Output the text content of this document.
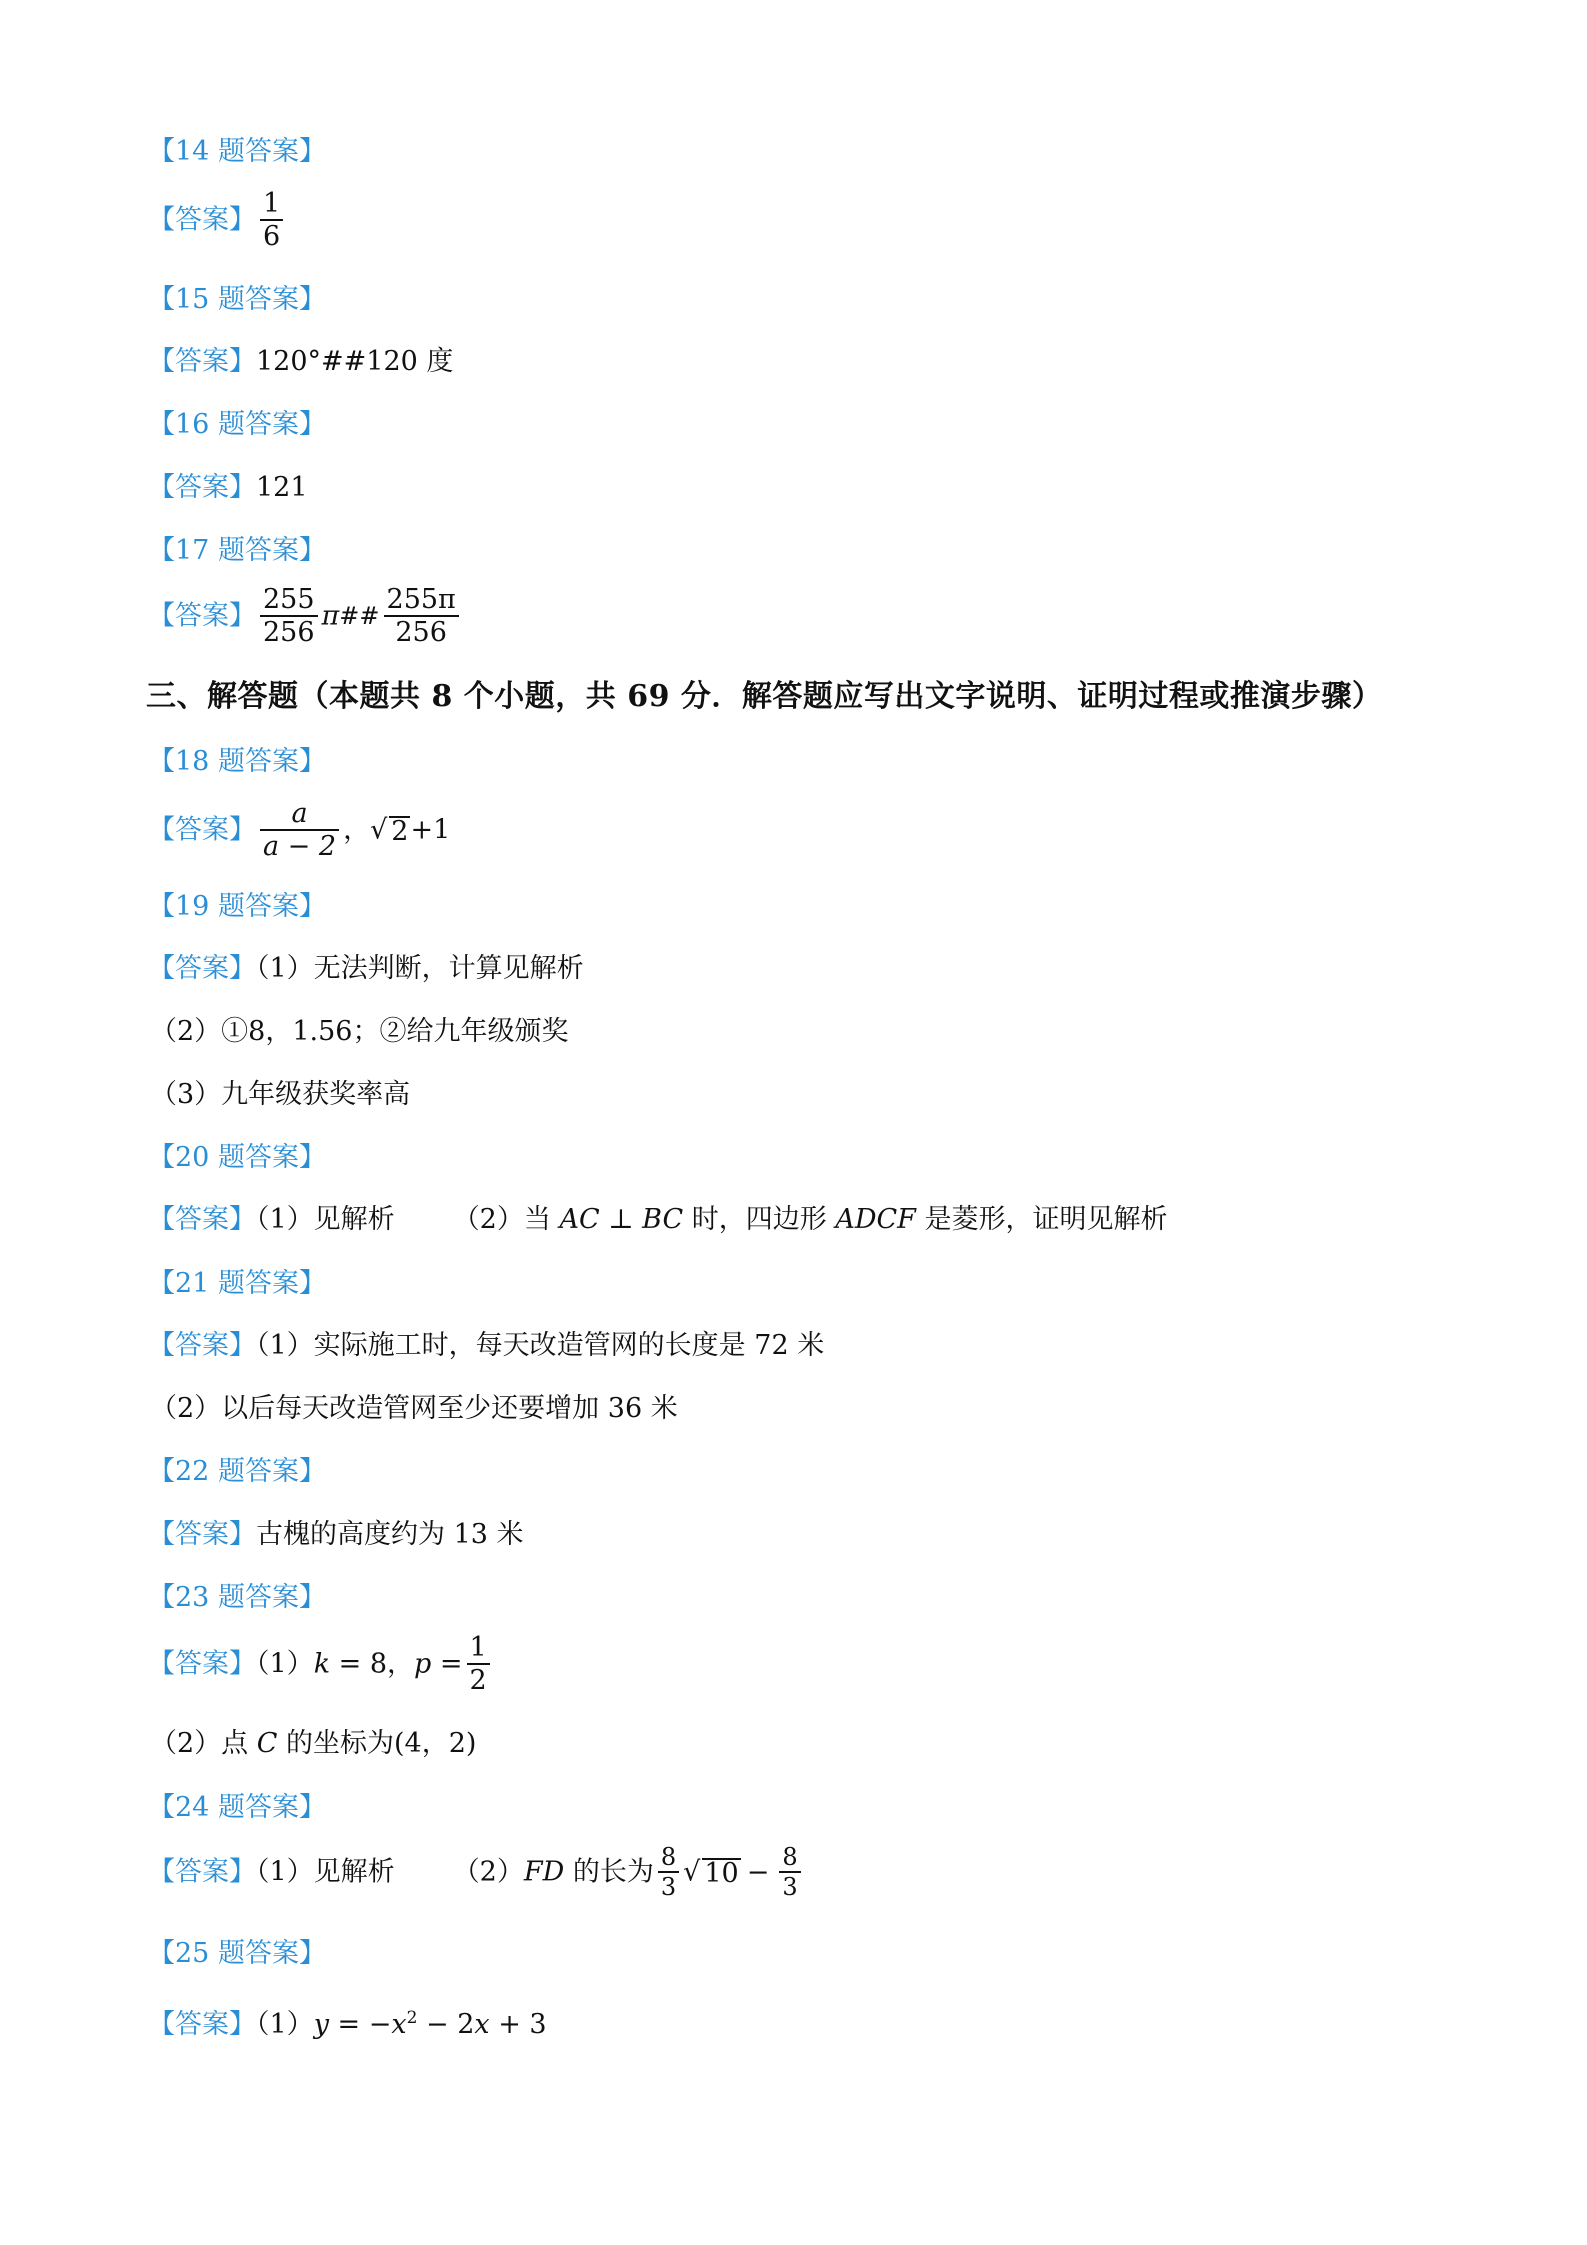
【14 题答案】
【答案】 $\frac{1}{6}$
【15 题答案】
【答案】120°##120 度
【16 题答案】
【答案】121
【17 题答案】
【答案】 $\frac{255}{256}$ π## $\frac{255\pi}{256}$
三、解答题（本题共 8 个小题，共 69 分．解答题应写出文字说明、证明过程或推演步骤）
【18 题答案】
【答案】 $\frac{a}{a - 2}$ ，√ 2+1
【19 题答案】
【答案】（1）无法判断，计算见解析
（2）①8，1.56；②给九年级颁奖
（3）九年级获奖率高
【20 题答案】
【答案】（1）见解析 （2）当 AC ⊥ BC 时，四边形 ADCF 是菱形，证明见解析
【21 题答案】
【答案】（1）实际施工时，每天改造管网的长度是 72 米
（2）以后每天改造管网至少还要增加 36 米
【22 题答案】
【答案】古槐的高度约为 13 米
【23 题答案】
【答案】（1）k = 8，$p = \frac{1}{2}$
（2）点 C 的坐标为(4，2)
【24 题答案】
【答案】（1）见解析 （2）FD 的长为 $\frac{8}{3}$ √ $10 - \frac{8}{3}$
【25 题答案】
【答案】$(1)y = -x^2 - 2x + 3$
